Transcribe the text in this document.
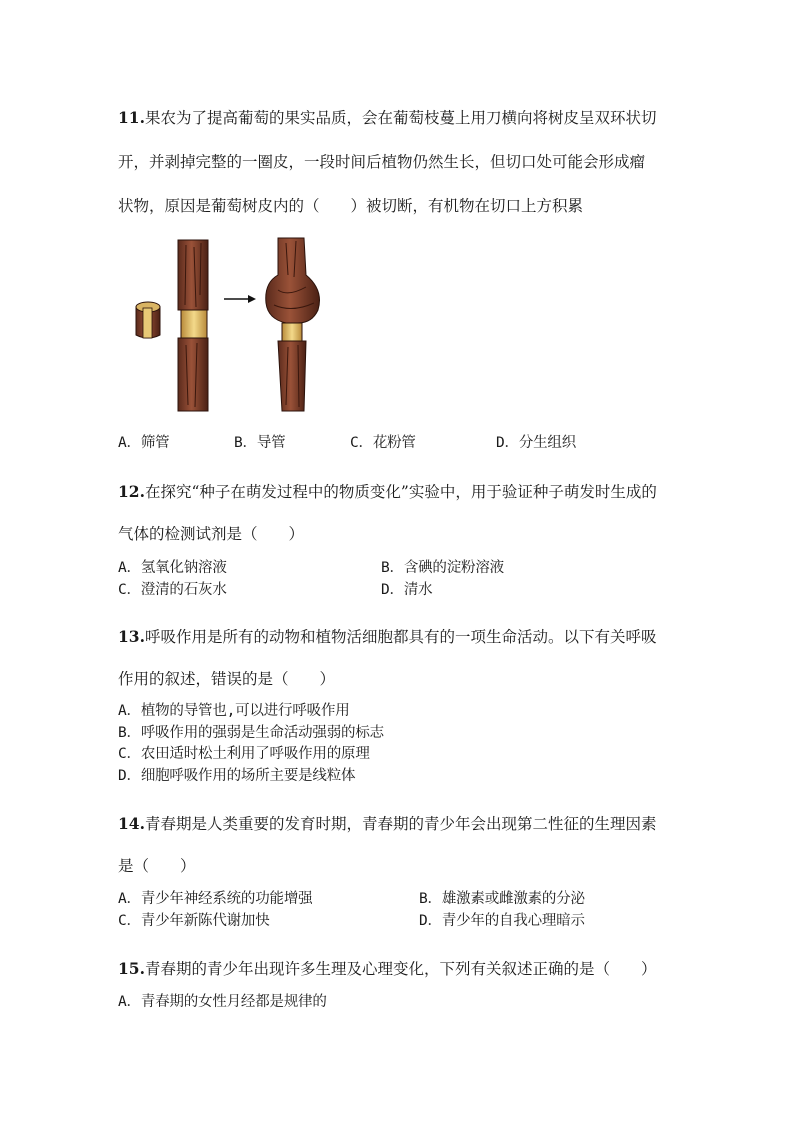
11.果农为了提高葡萄的果实品质，会在葡萄枝蔓上用刀横向将树皮呈双环状切

开，并剥掉完整的一圈皮，一段时间后植物仍然生长，但切口处可能会形成瘤

状物，原因是葡萄树皮内的（　　）被切断，有机物在切口上方积累

A．筛管	B．导管	C．花粉管	D．分生组织

12.在探究“种子在萌发过程中的物质变化”实验中，用于验证种子萌发时生成的

气体的检测试剂是（　　）

A．氢氧化钠溶液	B．含碘的淀粉溶液
C．澄清的石灰水	D．清水

13.呼吸作用是所有的动物和植物活细胞都具有的一项生命活动。以下有关呼吸

作用的叙述，错误的是（　　）

A．植物的导管也,可以进行呼吸作用
B．呼吸作用的强弱是生命活动强弱的标志
C．农田适时松土利用了呼吸作用的原理
D．细胞呼吸作用的场所主要是线粒体

14.青春期是人类重要的发育时期，青春期的青少年会出现第二性征的生理因素

是（　　）

A．青少年神经系统的功能增强	B．雄激素或雌激素的分泌
C．青少年新陈代谢加快	D．青少年的自我心理暗示

15.青春期的青少年出现许多生理及心理变化，下列有关叙述正确的是（　　）

A．青春期的女性月经都是规律的
